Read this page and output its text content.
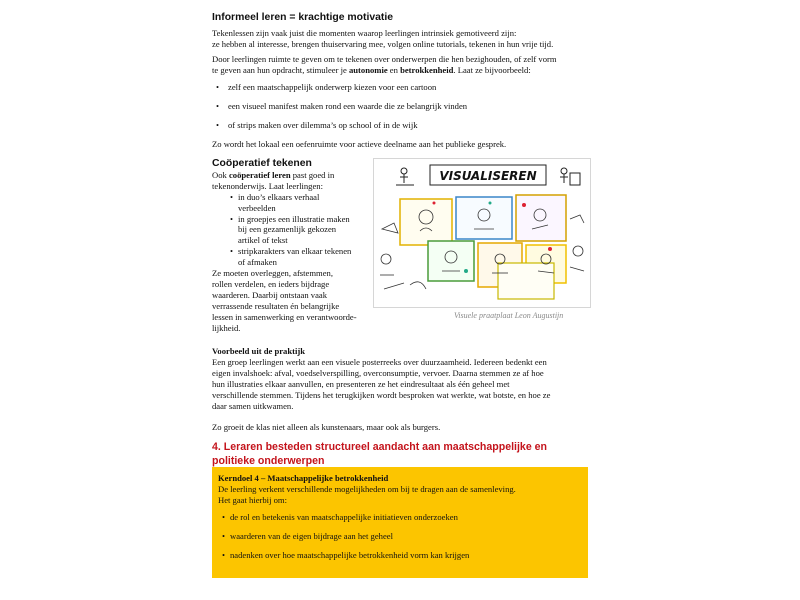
Informeel leren = krachtige motivatie

Tekenlessen zijn vaak juist die momenten waarop leerlingen intrinsiek gemotiveerd zijn:
ze hebben al interesse, brengen thuiservaring mee, volgen online tutorials, tekenen in hun vrije tijd.

Door leerlingen ruimte te geven om te tekenen over onderwerpen die hen bezighouden, of zelf vorm
te geven aan hun opdracht, stimuleer je autonomie en betrokkenheid. Laat ze bijvoorbeeld:

• zelf een maatschappelijk onderwerp kiezen voor een cartoon
• een visueel manifest maken rond een waarde die ze belangrijk vinden
• of strips maken over dilemma’s op school of in de wijk

Zo wordt het lokaal een oefenruimte voor actieve deelname aan het publieke gesprek.

Coöperatief tekenen

Ook coöperatief leren past goed in
tekenonderwijs. Laat leerlingen:

• in duo’s elkaars verhaal
verbeelden
• in groepjes een illustratie maken
bij een gezamenlijk gekozen
artikel of tekst
• stripkarakters van elkaar tekenen
of afmaken

Ze moeten overleggen, afstemmen,
rollen verdelen, en ieders bijdrage
waarderen. Daarbij ontstaan vaak
verrassende resultaten én belangrijke
lessen in samenwerking en verantwoorde-
lijkheid.

VISUALISEREN
Visuele praatplaat Leon Augustijn

Voorbeeld uit de praktijk

Een groep leerlingen werkt aan een visuele posterreeks over duurzaamheid. Iedereen bedenkt een
eigen invalshoek: afval, voedselverspilling, overconsumptie, vervoer. Daarna stemmen ze af hoe
hun illustraties elkaar aanvullen, en presenteren ze het eindresultaat als één geheel met
verschillende stemmen. Tijdens het terugkijken wordt besproken wat werkte, wat botste, en hoe ze
daar samen uitkwamen.

Zo groeit de klas niet alleen als kunstenaars, maar ook als burgers.

4. Leraren besteden structureel aandacht aan maatschappelijke en

politieke onderwerpen

Kerndoel 4 – Maatschappelijke betrokkenheid

De leerling verkent verschillende mogelijkheden om bij te dragen aan de samenleving.

Het gaat hierbij om:

• de rol en betekenis van maatschappelijke initiatieven onderzoeken
• waarderen van de eigen bijdrage aan het geheel
• nadenken over hoe maatschappelijke betrokkenheid vorm kan krijgen
